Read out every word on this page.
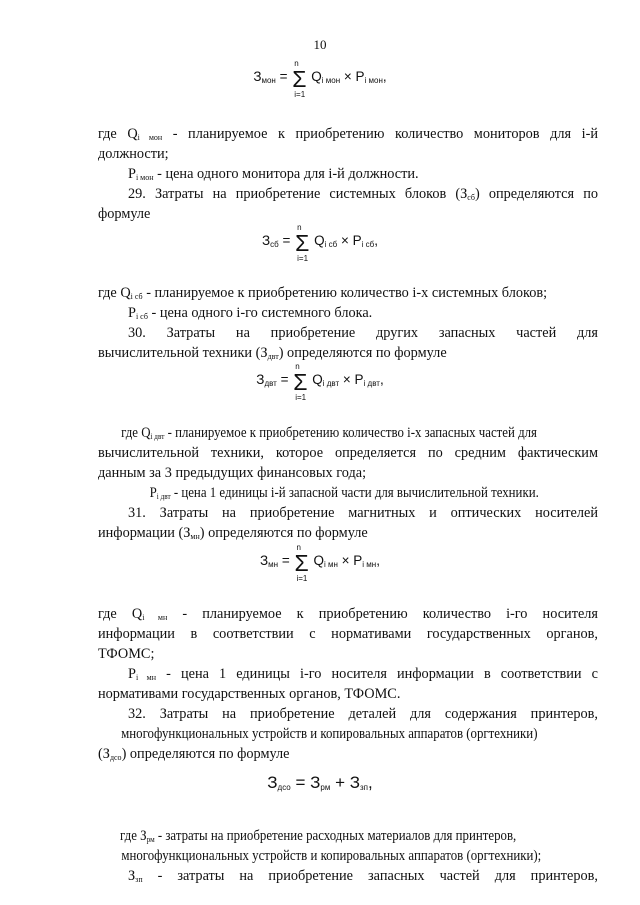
10
$З_{мон} = \Sigma$
n
i=1
$Q_{i мон} \times P_{i мон}$,
где $Q_{i мон}$ - планируемое к приобретению количество мониторов для i-й
должности;
$P_{i мон}$ - цена одного монитора для i-й должности.
29. Затраты на приобретение системных блоков $(З_{сб})$ определяются по
формуле
$З_{сб} = \Sigma$
n
i=1
$Q_{i сб} \times P_{i сб}$,
где $Q_{i сб}$ - планируемое к приобретению количество i-х системных блоков;
$P_{i сб}$ - цена одного i-го системного блока.
30. Затраты на приобретение других запасных частей для
вычислительной техники $(З_{двт})$ определяются по формуле
$З_{двт} = \Sigma$
n
i=1
$Q_{i двт} \times P_{i двт}$,
где $Q_{i двт}$ - планируемое к приобретению количество i-х запасных частей для
вычислительной техники, которое определяется по средним фактическим
данным за 3 предыдущих финансовых года;
$P_{i двт}$ - цена 1 единицы i-й запасной части для вычислительной техники.
31. Затраты на приобретение магнитных и оптических носителей
информации $(З_{мн})$ определяются по формуле
$З_{мн} = \Sigma$
n
i=1
$Q_{i мн} \times P_{i мн}$,
где $Q_{i мн}$ - планируемое к приобретению количество i-го носителя
информации в соответствии с нормативами государственных органов,
ТФОМС;
$P_{i мн}$ - цена 1 единицы i-го носителя информации в соответствии с
нормативами государственных органов, ТФОМС.
32. Затраты на приобретение деталей для содержания принтеров,
многофункциональных устройств и копировальных аппаратов (оргтехники)
$(З_{дсо})$ определяются по формуле
$З_{дсо} = З_{рм} + З_{зп}$,
где $З_{рм}$ - затраты на приобретение расходных материалов для принтеров,
многофункциональных устройств и копировальных аппаратов (оргтехники);
$З_{зп}$ - затраты на приобретение запасных частей для принтеров,
